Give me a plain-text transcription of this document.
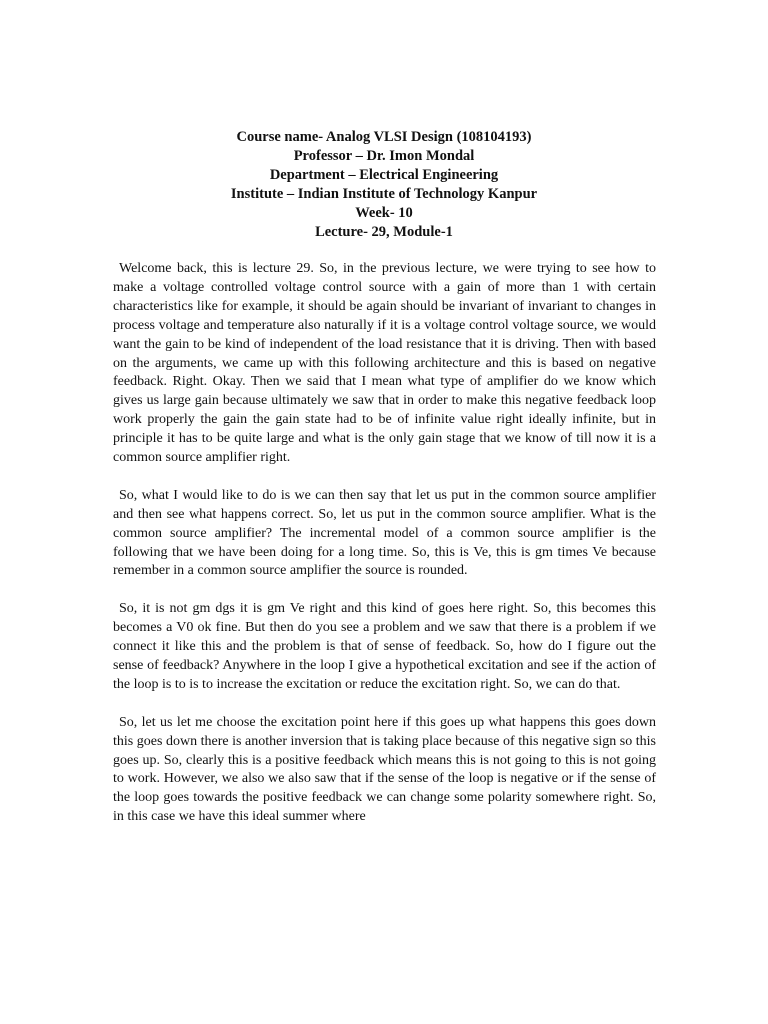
Course name- Analog VLSI Design (108104193)
Professor – Dr. Imon Mondal
Department – Electrical Engineering
Institute – Indian Institute of Technology Kanpur
Week- 10
Lecture- 29, Module-1

Welcome back, this is lecture 29. So, in the previous lecture, we were trying to see how to make a voltage controlled voltage control source with a gain of more than 1 with certain characteristics like for example, it should be again should be invariant of invariant to changes in process voltage and temperature also naturally if it is a voltage control voltage source, we would want the gain to be kind of independent of the load resistance that it is driving. Then with based on the arguments, we came up with this following architecture and this is based on negative feedback. Right. Okay. Then we said that I mean what type of amplifier do we know which gives us large gain because ultimately we saw that in order to make this negative feedback loop work properly the gain the gain state had to be of infinite value right ideally infinite, but in principle it has to be quite large and what is the only gain stage that we know of till now it is a common source amplifier right.

So, what I would like to do is we can then say that let us put in the common source amplifier and then see what happens correct. So, let us put in the common source amplifier. What is the common source amplifier? The incremental model of a common source amplifier is the following that we have been doing for a long time. So, this is Ve, this is gm times Ve because remember in a common source amplifier the source is rounded.

So, it is not gm dgs it is gm Ve right and this kind of goes here right. So, this becomes this becomes a V0 ok fine. But then do you see a problem and we saw that there is a problem if we connect it like this and the problem is that of sense of feedback. So, how do I figure out the sense of feedback? Anywhere in the loop I give a hypothetical excitation and see if the action of the loop is to is to increase the excitation or reduce the excitation right. So, we can do that.

So, let us let me choose the excitation point here if this goes up what happens this goes down this goes down there is another inversion that is taking place because of this negative sign so this goes up. So, clearly this is a positive feedback which means this is not going to this is not going to work. However, we also we also saw that if the sense of the loop is negative or if the sense of the loop goes towards the positive feedback we can change some polarity somewhere right. So, in this case we have this ideal summer where
